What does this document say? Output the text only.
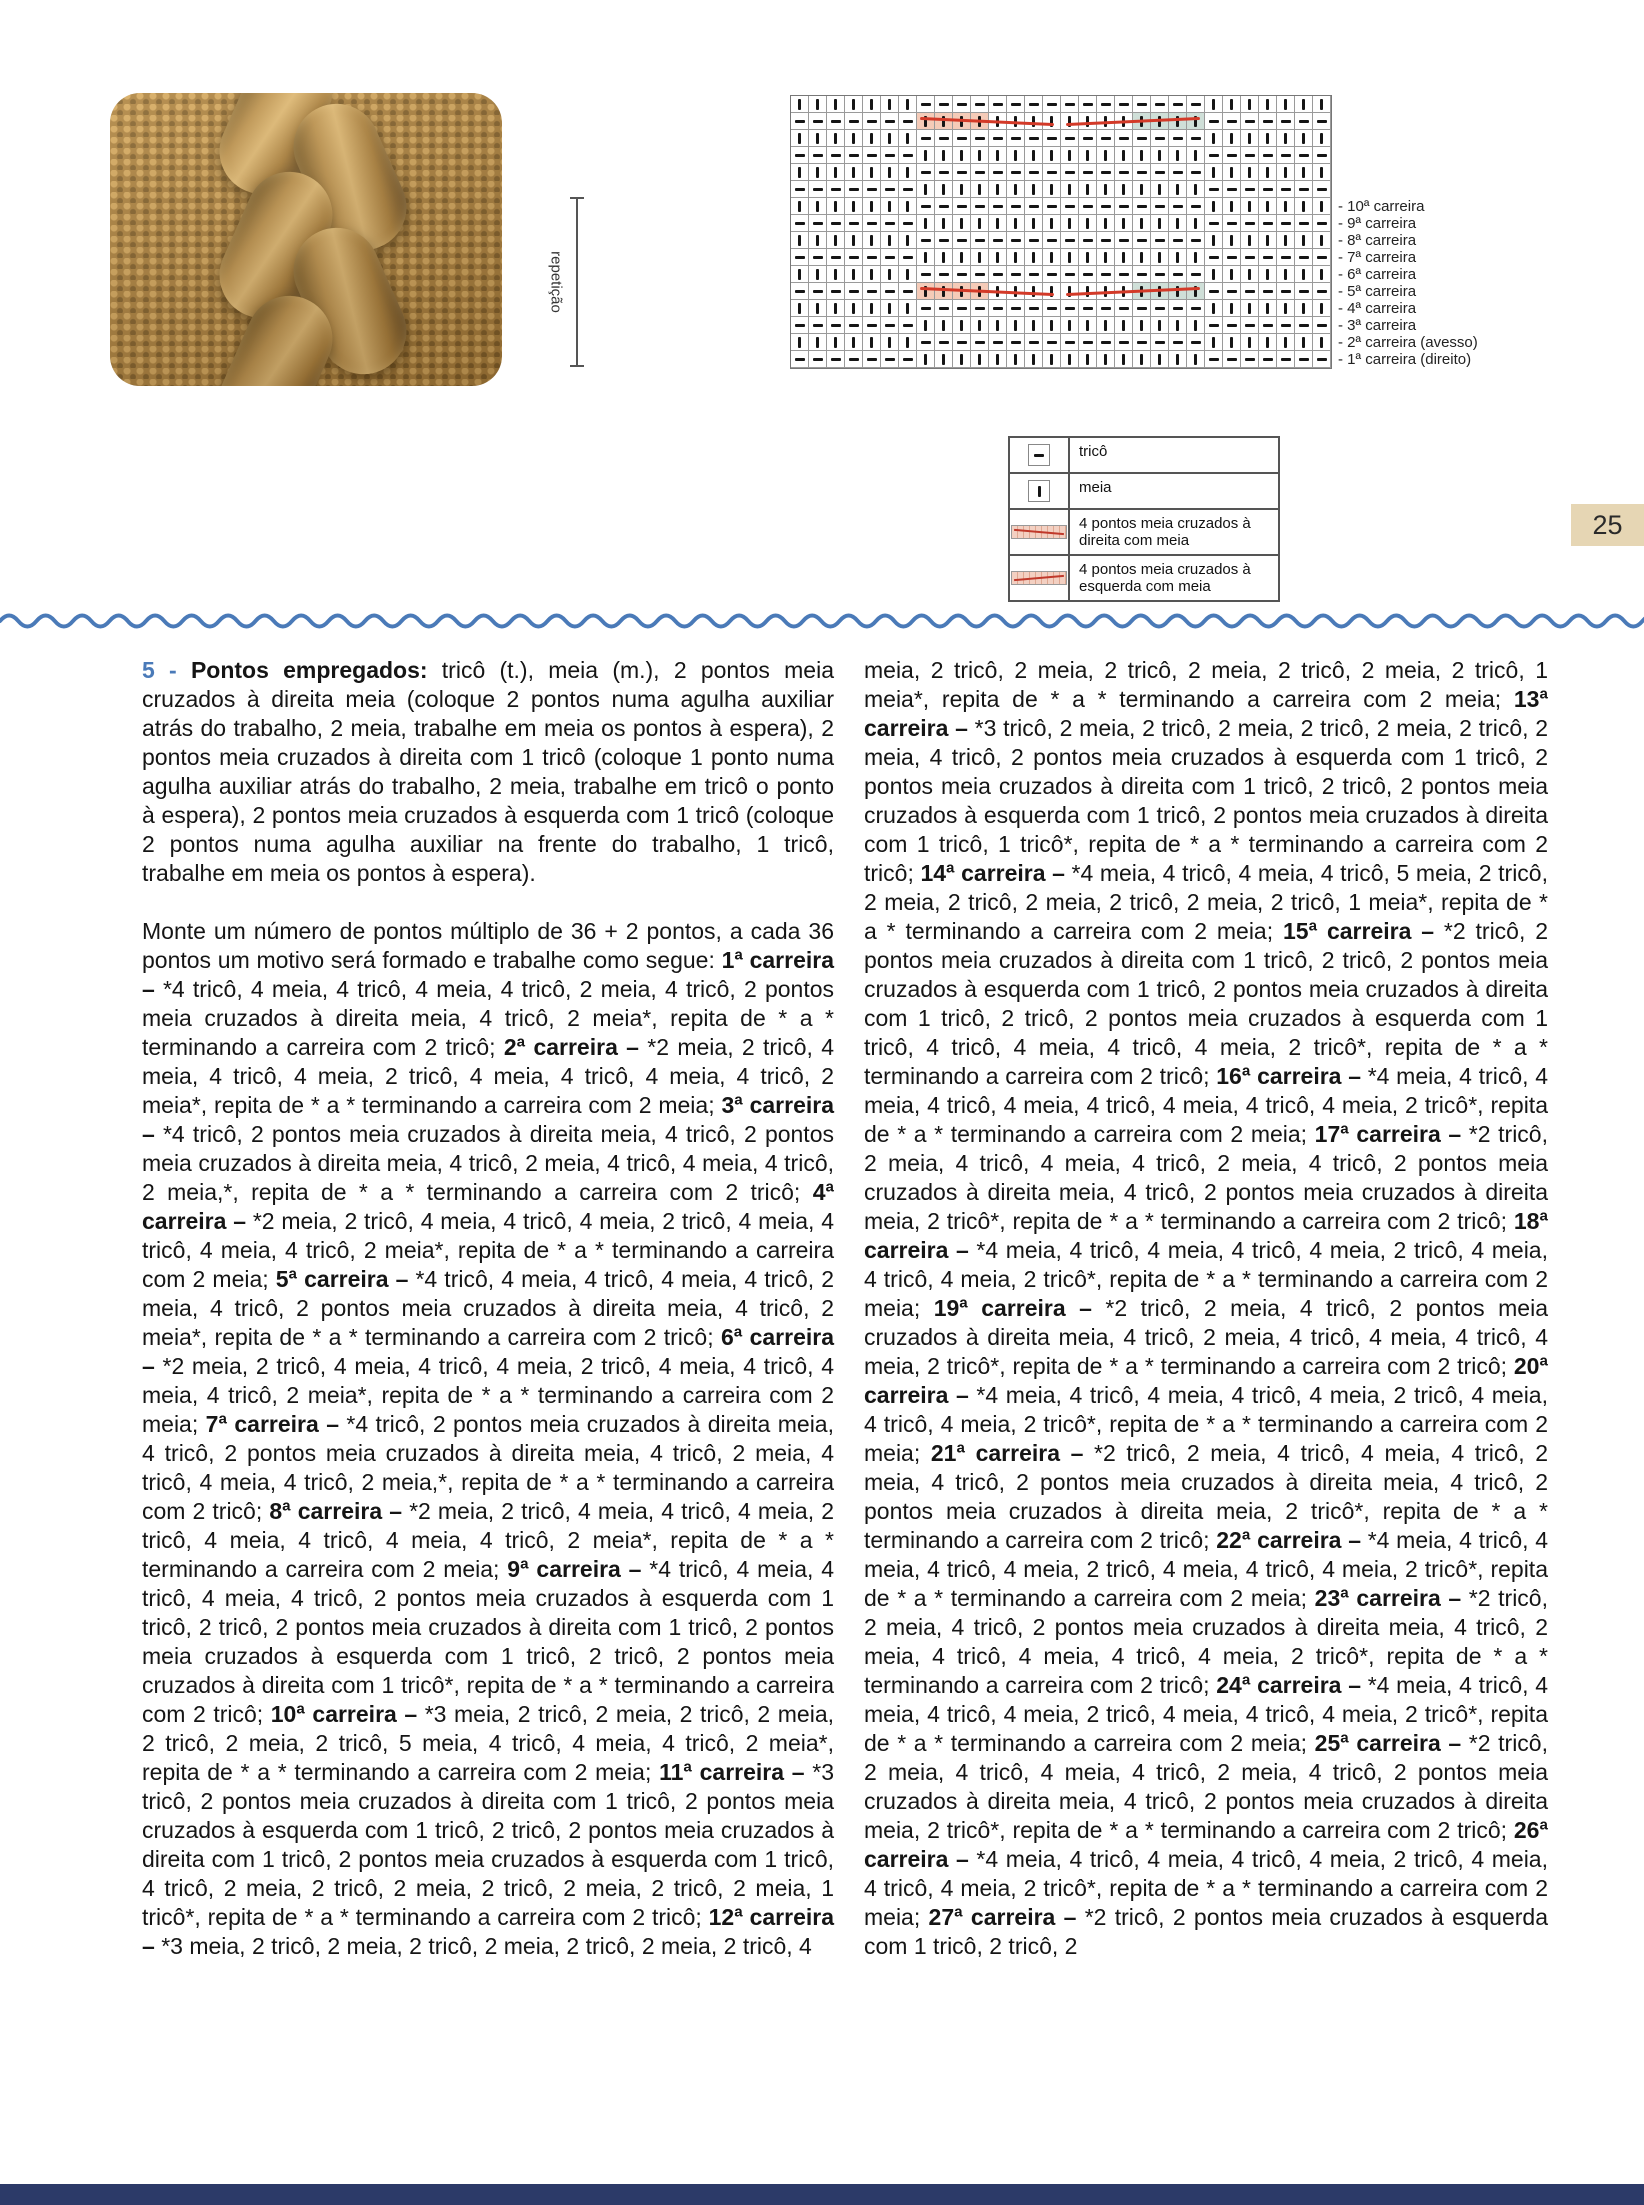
- 10ª carreira
- 9ª carreira
- 8ª carreira
- 7ª carreira
- 6ª carreira
- 5ª carreira
- 4ª carreira
- 3ª carreira
- 2ª carreira (avesso)
- 1ª carreira (direito)
repetição
tricô
meia
4 pontos meia cruzados à direita com meia
4 pontos meia cruzados à esquerda com meia
25

5 - Pontos empregados: tricô (t.), meia (m.), 2 pontos meia cruzados à direita meia (coloque 2 pontos numa agulha auxiliar atrás do trabalho, 2 meia, trabalhe em meia os pontos à espera), 2 pontos meia cruzados à direita com 1 tricô (coloque 1 ponto numa agulha auxiliar atrás do trabalho, 2 meia, trabalhe em tricô o ponto à espera), 2 pontos meia cruzados à esquerda com 1 tricô (coloque 2 pontos numa agulha auxiliar na frente do trabalho, 1 tricô, trabalhe em meia os pontos à espera).

Monte um número de pontos múltiplo de 36 + 2 pontos, a cada 36 pontos um motivo será formado e trabalhe como segue: 1ª carreira – *4 tricô, 4 meia, 4 tricô, 4 meia, 4 tricô, 2 meia, 4 tricô, 2 pontos meia cruzados à direita meia, 4 tricô, 2 meia*, repita de * a * terminando a carreira com 2 tricô; 2ª carreira – *2 meia, 2 tricô, 4 meia, 4 tricô, 4 meia, 2 tricô, 4 meia, 4 tricô, 4 meia, 4 tricô, 2 meia*, repita de * a * terminando a carreira com 2 meia; 3ª carreira – *4 tricô, 2 pontos meia cruzados à direita meia, 4 tricô, 2 pontos meia cruzados à direita meia, 4 tricô, 2 meia, 4 tricô, 4 meia, 4 tricô, 2 meia,*, repita de * a * terminando a carreira com 2 tricô; 4ª carreira – *2 meia, 2 tricô, 4 meia, 4 tricô, 4 meia, 2 tricô, 4 meia, 4 tricô, 4 meia, 4 tricô, 2 meia*, repita de * a * terminando a carreira com 2 meia; 5ª carreira – *4 tricô, 4 meia, 4 tricô, 4 meia, 4 tricô, 2 meia, 4 tricô, 2 pontos meia cruzados à direita meia, 4 tricô, 2 meia*, repita de * a * terminando a carreira com 2 tricô; 6ª carreira – *2 meia, 2 tricô, 4 meia, 4 tricô, 4 meia, 2 tricô, 4 meia, 4 tricô, 4 meia, 4 tricô, 2 meia*, repita de * a * terminando a carreira com 2 meia; 7ª carreira – *4 tricô, 2 pontos meia cruzados à direita meia, 4 tricô, 2 pontos meia cruzados à direita meia, 4 tricô, 2 meia, 4 tricô, 4 meia, 4 tricô, 2 meia,*, repita de * a * terminando a carreira com 2 tricô; 8ª carreira – *2 meia, 2 tricô, 4 meia, 4 tricô, 4 meia, 2 tricô, 4 meia, 4 tricô, 4 meia, 4 tricô, 2 meia*, repita de * a * terminando a carreira com 2 meia; 9ª carreira – *4 tricô, 4 meia, 4 tricô, 4 meia, 4 tricô, 2 pontos meia cruzados à esquerda com 1 tricô, 2 tricô, 2 pontos meia cruzados à direita com 1 tricô, 2 pontos meia cruzados à esquerda com 1 tricô, 2 tricô, 2 pontos meia cruzados à direita com 1 tricô*, repita de * a * terminando a carreira com 2 tricô; 10ª carreira – *3 meia, 2 tricô, 2 meia, 2 tricô, 2 meia, 2 tricô, 2 meia, 2 tricô, 5 meia, 4 tricô, 4 meia, 4 tricô, 2 meia*, repita de * a * terminando a carreira com 2 meia; 11ª carreira – *3 tricô, 2 pontos meia cruzados à direita com 1 tricô, 2 pontos meia cruzados à esquerda com 1 tricô, 2 tricô, 2 pontos meia cruzados à direita com 1 tricô, 2 pontos meia cruzados à esquerda com 1 tricô, 4 tricô, 2 meia, 2 tricô, 2 meia, 2 tricô, 2 meia, 2 tricô, 2 meia, 1 tricô*, repita de * a * terminando a carreira com 2 tricô; 12ª carreira – *3 meia, 2 tricô, 2 meia, 2 tricô, 2 meia, 2 tricô, 2 meia, 2 tricô, 4

meia, 2 tricô, 2 meia, 2 tricô, 2 meia, 2 tricô, 2 meia, 2 tricô, 1 meia*, repita de * a * terminando a carreira com 2 meia; 13ª carreira – *3 tricô, 2 meia, 2 tricô, 2 meia, 2 tricô, 2 meia, 2 tricô, 2 meia, 4 tricô, 2 pontos meia cruzados à esquerda com 1 tricô, 2 pontos meia cruzados à direita com 1 tricô, 2 tricô, 2 pontos meia cruzados à esquerda com 1 tricô, 2 pontos meia cruzados à direita com 1 tricô, 1 tricô*, repita de * a * terminando a carreira com 2 tricô; 14ª carreira – *4 meia, 4 tricô, 4 meia, 4 tricô, 5 meia, 2 tricô, 2 meia, 2 tricô, 2 meia, 2 tricô, 2 meia, 2 tricô, 1 meia*, repita de * a * terminando a carreira com 2 meia; 15ª carreira – *2 tricô, 2 pontos meia cruzados à direita com 1 tricô, 2 tricô, 2 pontos meia cruzados à esquerda com 1 tricô, 2 pontos meia cruzados à direita com 1 tricô, 2 tricô, 2 pontos meia cruzados à esquerda com 1 tricô, 4 tricô, 4 meia, 4 tricô, 4 meia, 2 tricô*, repita de * a * terminando a carreira com 2 tricô; 16ª carreira – *4 meia, 4 tricô, 4 meia, 4 tricô, 4 meia, 4 tricô, 4 meia, 4 tricô, 4 meia, 2 tricô*, repita de * a * terminando a carreira com 2 meia; 17ª carreira – *2 tricô, 2 meia, 4 tricô, 4 meia, 4 tricô, 2 meia, 4 tricô, 2 pontos meia cruzados à direita meia, 4 tricô, 2 pontos meia cruzados à direita meia, 2 tricô*, repita de * a * terminando a carreira com 2 tricô; 18ª carreira – *4 meia, 4 tricô, 4 meia, 4 tricô, 4 meia, 2 tricô, 4 meia, 4 tricô, 4 meia, 2 tricô*, repita de * a * terminando a carreira com 2 meia; 19ª carreira – *2 tricô, 2 meia, 4 tricô, 2 pontos meia cruzados à direita meia, 4 tricô, 2 meia, 4 tricô, 4 meia, 4 tricô, 4 meia, 2 tricô*, repita de * a * terminando a carreira com 2 tricô; 20ª carreira – *4 meia, 4 tricô, 4 meia, 4 tricô, 4 meia, 2 tricô, 4 meia, 4 tricô, 4 meia, 2 tricô*, repita de * a * terminando a carreira com 2 meia; 21ª carreira – *2 tricô, 2 meia, 4 tricô, 4 meia, 4 tricô, 2 meia, 4 tricô, 2 pontos meia cruzados à direita meia, 4 tricô, 2 pontos meia cruzados à direita meia, 2 tricô*, repita de * a * terminando a carreira com 2 tricô; 22ª carreira – *4 meia, 4 tricô, 4 meia, 4 tricô, 4 meia, 2 tricô, 4 meia, 4 tricô, 4 meia, 2 tricô*, repita de * a * terminando a carreira com 2 meia; 23ª carreira – *2 tricô, 2 meia, 4 tricô, 2 pontos meia cruzados à direita meia, 4 tricô, 2 meia, 4 tricô, 4 meia, 4 tricô, 4 meia, 2 tricô*, repita de * a * terminando a carreira com 2 tricô; 24ª carreira – *4 meia, 4 tricô, 4 meia, 4 tricô, 4 meia, 2 tricô, 4 meia, 4 tricô, 4 meia, 2 tricô*, repita de * a * terminando a carreira com 2 meia; 25ª carreira – *2 tricô, 2 meia, 4 tricô, 4 meia, 4 tricô, 2 meia, 4 tricô, 2 pontos meia cruzados à direita meia, 4 tricô, 2 pontos meia cruzados à direita meia, 2 tricô*, repita de * a * terminando a carreira com 2 tricô; 26ª carreira – *4 meia, 4 tricô, 4 meia, 4 tricô, 4 meia, 2 tricô, 4 meia, 4 tricô, 4 meia, 2 tricô*, repita de * a * terminando a carreira com 2 meia; 27ª carreira – *2 tricô, 2 pontos meia cruzados à esquerda com 1 tricô, 2 tricô, 2
